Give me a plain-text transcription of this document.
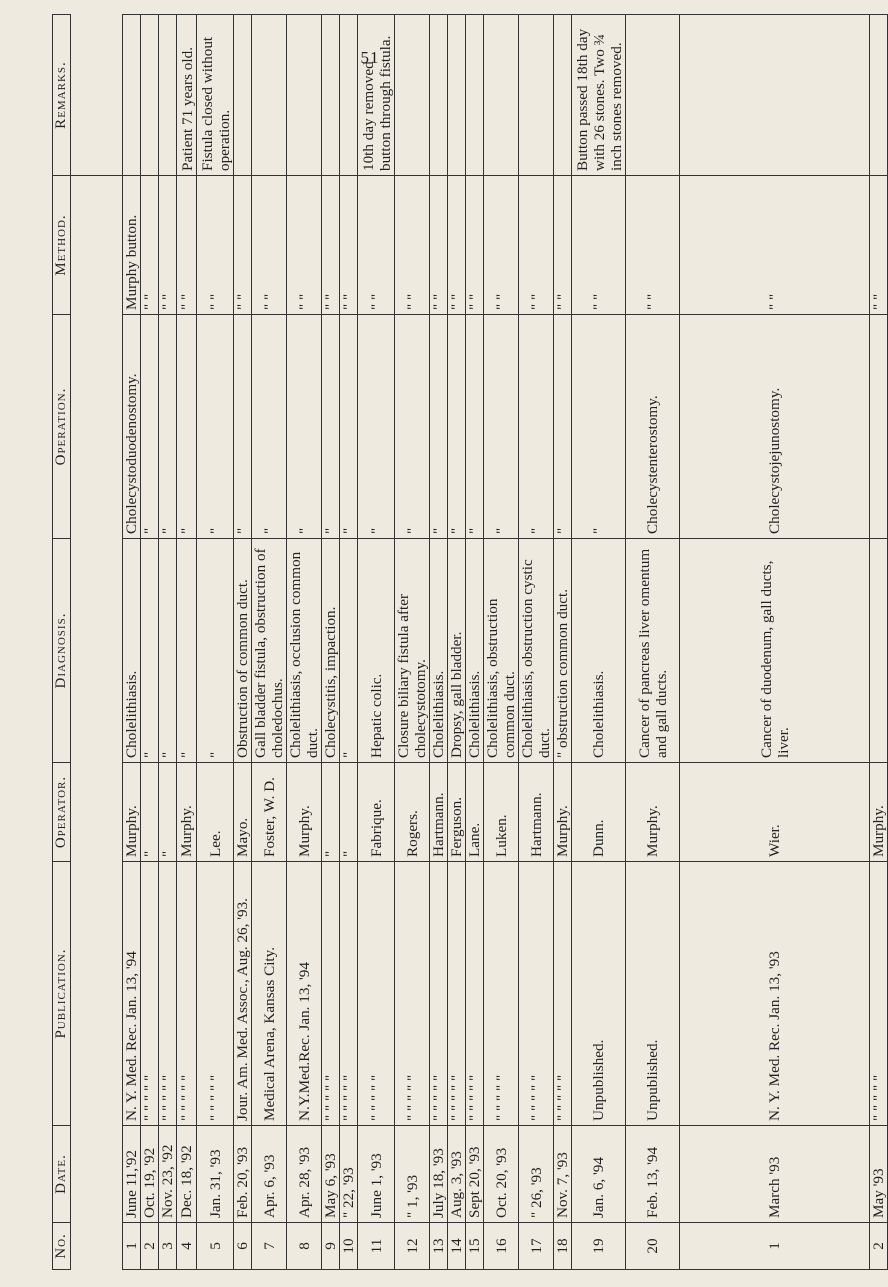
51
No.	Date.	Publication.	Operator.	Diagnosis.	Operation.	Method.		Remarks.

1	June 11,'92	N. Y. Med. Rec. Jan. 13, '94	Murphy.	Cholelithiasis.	Cholecystoduodenostomy.	Murphy button.				
2	Oct. 19, '92	" " " " "	"	"	"	" "				
3	Nov. 23, '92	" " " " "	"	"	"	" "				
4	Dec. 18, '92	" " " " "	Murphy.	"	"	" "				Patient 71 years old.
5	Jan. 31, '93	" " " " "	Lee.	"	"	" "				Fistula closed without operation.
6	Feb. 20, '93	Jour. Am. Med. Assoc., Aug. 26, '93.	Mayo.	Obstruction of common duct.	"	" "				
7	Apr. 6, '93	Medical Arena, Kansas City.	Foster, W. D.	Gall bladder fistula, obstruction of choledochus.	"	" "				
8	Apr. 28, '93	N.Y.Med.Rec. Jan. 13, '94	Murphy.	Cholelithiasis, occlusion common duct.	"	" "				
9	May 6, '93	" " " " "	"	Cholecystitis, impaction.	"	" "				
10	" 22, '93	" " " " "	"	"	"	" "				
11	June 1, '93	" " " " "	Fabrique.	Hepatic colic.	"	" "				10th day removed button through fistula.
12	" 1, '93	" " " " "	Rogers.	Closure biliary fistula after cholecystotomy.	"	" "				
13	July 18, '93	" " " " "	Hartmann.	Cholelithiasis.	"	" "				
14	Aug. 3, '93	" " " " "	Ferguson.	Dropsy, gall bladder.	"	" "				
15	Sept 20, '93	" " " " "	Lane.	Cholelithiasis.	"	" "				
16	Oct. 20, '93	" " " " "	Luken.	Cholelithiasis, obstruction common duct.	"	" "				
17	" 26, '93	" " " " "	Hartmann.	Cholelithiasis, obstruction cystic duct.	"	" "				
18	Nov. 7, '93	" " " " "	Murphy.	" obstruction common duct.	"	" "				
19	Jan. 6, '94	Unpublished.	Dunn.	Cholelithiasis.	"	" "				Button passed 18th day with 26 stones. Two ¾ inch stones removed.
20	Feb. 13, '94	Unpublished.	Murphy.	Cancer of pancreas liver omentum and gall ducts.	Cholecystenterostomy.	" "				
1	March '93	N. Y. Med. Rec. Jan. 13, '93	Wier.	Cancer of duodenum, gall ducts, liver.	Cholecystojejunostomy.	" "				
2	May '93	" " " " "	Murphy.			" "				
